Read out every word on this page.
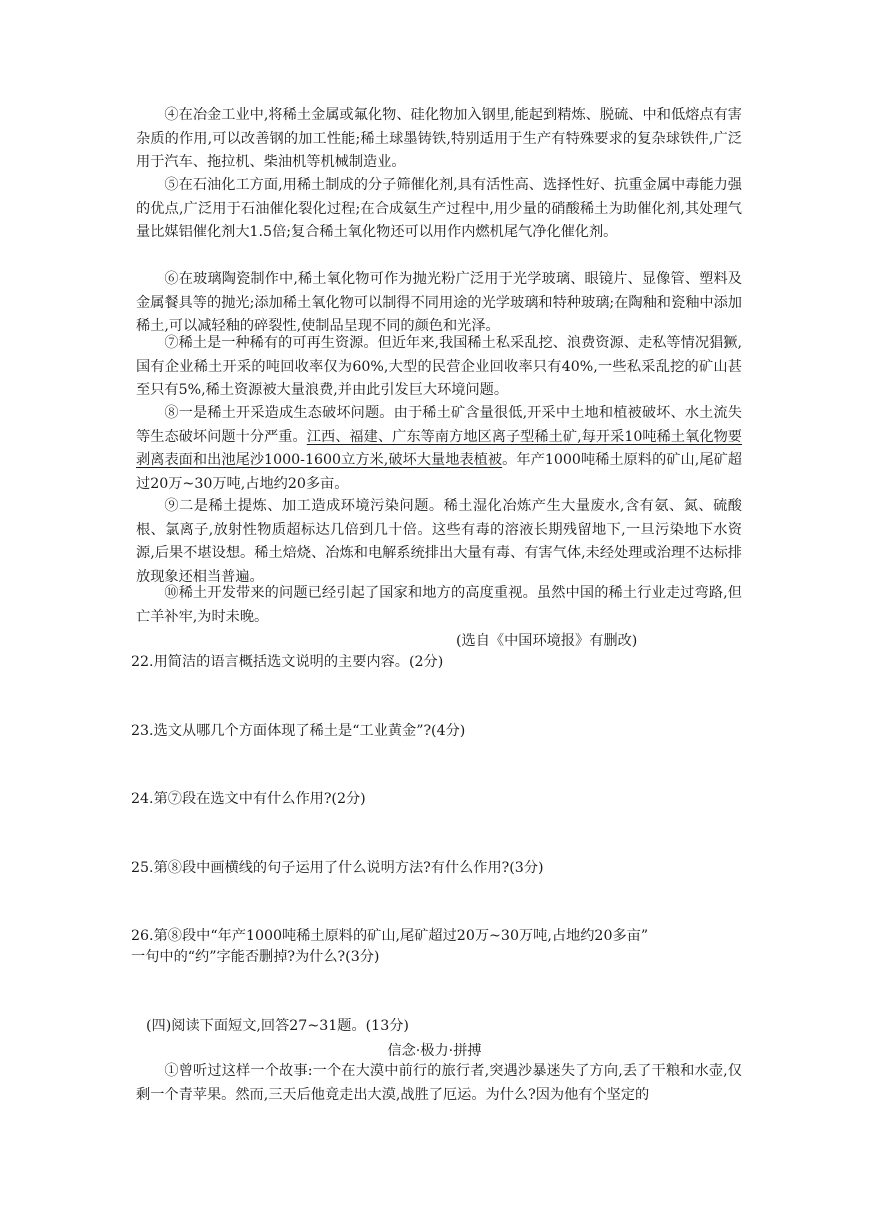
④在冶金工业中,将稀土金属或氟化物、硅化物加入钢里,能起到精炼、脱硫、中和低熔点有害杂质的作用,可以改善钢的加工性能;稀土球墨铸铁,特别适用于生产有特殊要求的复杂球铁件,广泛用于汽车、拖拉机、柴油机等机械制造业。

⑤在石油化工方面,用稀土制成的分子筛催化剂,具有活性高、选择性好、抗重金属中毒能力强的优点,广泛用于石油催化裂化过程;在合成氨生产过程中,用少量的硝酸稀土为助催化剂,其处理气量比媒铝催化剂大1.5倍;复合稀土氧化物还可以用作内燃机尾气净化催化剂。

⑥在玻璃陶瓷制作中,稀土氧化物可作为抛光粉广泛用于光学玻璃、眼镜片、显像管、塑料及金属餐具等的抛光;添加稀土氧化物可以制得不同用途的光学玻璃和特种玻璃;在陶釉和瓷釉中添加稀土,可以减轻釉的碎裂性,使制品呈现不同的颜色和光泽。

⑦稀土是一种稀有的可再生资源。但近年来,我国稀土私采乱挖、浪费资源、走私等情况猖獗,国有企业稀土开采的吨回收率仅为60%,大型的民营企业回收率只有40%,一些私采乱挖的矿山甚至只有5%,稀土资源被大量浪费,并由此引发巨大环境问题。

⑧一是稀土开采造成生态破坏问题。由于稀土矿含量很低,开采中土地和植被破坏、水土流失等生态破坏问题十分严重。江西、福建、广东等南方地区离子型稀土矿,每开采10吨稀土氧化物要剥离表面和出池尾沙1000-1600立方米,破坏大量地表植被。年产1000吨稀土原料的矿山,尾矿超过20万~30万吨,占地约20多亩。

⑨二是稀土提炼、加工造成环境污染问题。稀土湿化冶炼产生大量废水,含有氨、氮、硫酸根、氯离子,放射性物质超标达几倍到几十倍。这些有毒的溶液长期残留地下,一旦污染地下水资源,后果不堪设想。稀土焙烧、冶炼和电解系统排出大量有毒、有害气体,未经处理或治理不达标排放现象还相当普遍。

⑩稀土开发带来的问题已经引起了国家和地方的高度重视。虽然中国的稀土行业走过弯路,但亡羊补牢,为时未晚。

(选自《中国环境报》有删改)

22.用简洁的语言概括选文说明的主要内容。(2分)

23.选文从哪几个方面体现了稀土是“工业黄金”?(4分)

24.第⑦段在选文中有什么作用?(2分)

25.第⑧段中画横线的句子运用了什么说明方法?有什么作用?(3分)

26.第⑧段中“年产1000吨稀土原料的矿山,尾矿超过20万~30万吨,占地约20多亩”

一句中的“约”字能否删掉?为什么?(3分)

(四)阅读下面短文,回答27~31题。(13分)
信念·极力·拼搏

①曾听过这样一个故事:一个在大漠中前行的旅行者,突遇沙暴迷失了方向,丢了干粮和水壶,仅剩一个青苹果。然而,三天后他竟走出大漠,战胜了厄运。为什么?因为他有个坚定的
